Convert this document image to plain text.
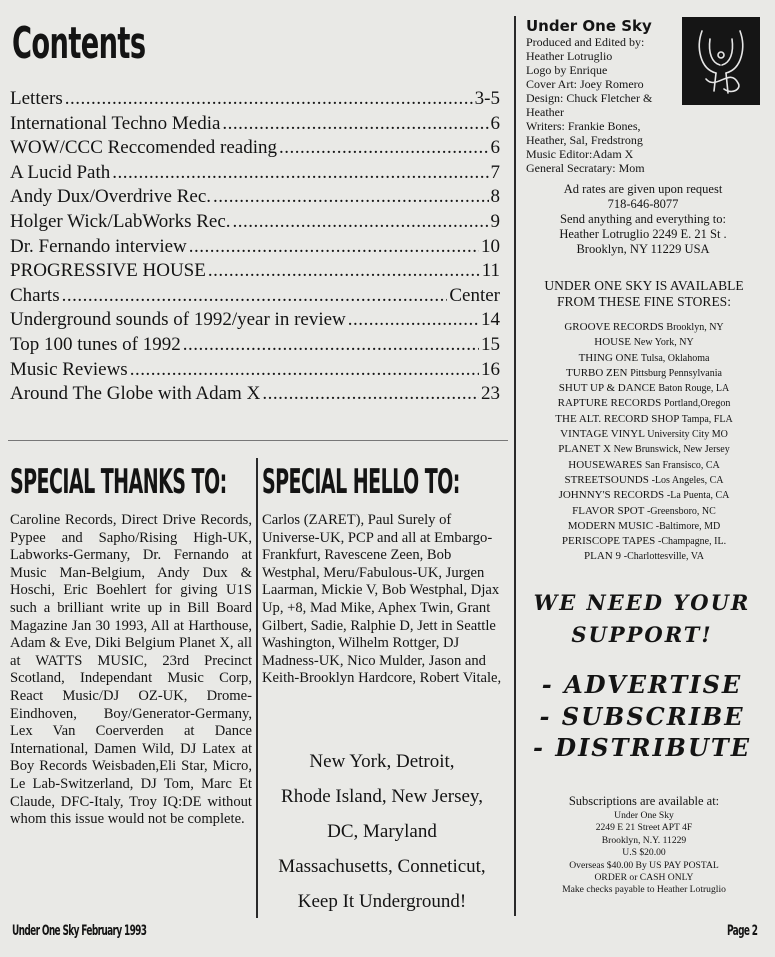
Contents
Letters .....	3-5
International Techno Media .....	6
WOW/CCC Reccomended reading .....	6
A Lucid Path .....	7
Andy Dux/Overdrive Rec. .....	8
Holger Wick/LabWorks Rec. .....	9
Dr. Fernando interview .....	10
PROGRESSIVE HOUSE .....	11
Charts .....	Center
Underground sounds of 1992/year in review .....	14
Top 100 tunes of 1992 .....	15
Music Reviews .....	16
Around The Globe with Adam X .....	23
SPECIAL THANKS TO:
Caroline Records, Direct Drive Records, Pypee and Sapho/Rising High-UK, Labworks-Germany, Dr. Fernando at Music Man-Belgium, Andy Dux & Hoschi, Eric Boehlert for giving U1S such a brilliant write up in Bill Board Magazine Jan 30 1993, All at Harthouse, Adam & Eve, Diki Belgium Planet X, all at WATTS MUSIC, 23rd Precinct Scotland, Independant Music Corp, React Music/DJ OZ-UK, Drome-Eindhoven, Boy/Generator-Germany, Lex Van Coerverden at Dance International, Damen Wild, DJ Latex at Boy Records Weisbaden,Eli Star, Micro, Le Lab-Switzerland, DJ Tom, Marc Et Claude, DFC-Italy, Troy IQ:DE without whom this issue would not be complete.
SPECIAL HELLO TO:
Carlos (ZARET), Paul Surely of Universe-UK, PCP and all at Embargo-Frankfurt, Ravescene Zeen, Bob Westphal, Meru/Fabulous-UK, Jurgen Laarman, Mickie V, Bob Westphal, Djax Up, +8, Mad Mike, Aphex Twin, Grant Gilbert, Sadie, Ralphie D, Jett in Seattle Washington, Wilhelm Rottger, DJ Madness-UK, Nico Mulder, Jason and Keith-Brooklyn Hardcore, Robert Vitale,
New York, Detroit,
Rhode Island, New Jersey,
DC, Maryland
Massachusetts, Conneticut,
Keep It Underground!
Under One Sky
Produced and Edited by:
Heather Lotruglio
Logo by Enrique
Cover Art: Joey Romero
Design: Chuck Fletcher & Heather
Writers: Frankie Bones, Heather, Sal, Fredstrong
Music Editor:Adam X
General Secratary: Mom
Ad rates are given upon request
718-646-8077
Send anything and everything to:
Heather Lotruglio 2249 E. 21 St .
Brooklyn, NY 11229 USA
UNDER ONE SKY IS AVAILABLE
FROM THESE FINE STORES:
GROOVE RECORDS Brooklyn, NY
HOUSE New York, NY
THING ONE Tulsa, Oklahoma
TURBO ZEN Pittsburg Pennsylvania
SHUT UP & DANCE Baton Rouge, LA
RAPTURE RECORDS Portland,Oregon
THE ALT. RECORD SHOP Tampa, FLA
VINTAGE VINYL University City MO
PLANET X New Brunswick, New Jersey
HOUSEWARES San Fransisco, CA
STREETSOUNDS -Los Angeles, CA
JOHNNY'S RECORDS -La Puenta, CA
FLAVOR SPOT -Greensboro, NC
MODERN MUSIC -Baltimore, MD
PERISCOPE TAPES -Champagne, IL.
PLAN 9 -Charlottesville, VA
WE NEED YOUR
SUPPORT!
- ADVERTISE
- SUBSCRIBE
- DISTRIBUTE
Subscriptions are available at:
Under One Sky
2249 E 21 Street APT 4F
Brooklyn, N.Y. 11229
U.S $20.00
Overseas $40.00 By US PAY POSTAL
ORDER or CASH ONLY
Make checks payable to Heather Lotruglio
Under One Sky February 1993	Page 2
